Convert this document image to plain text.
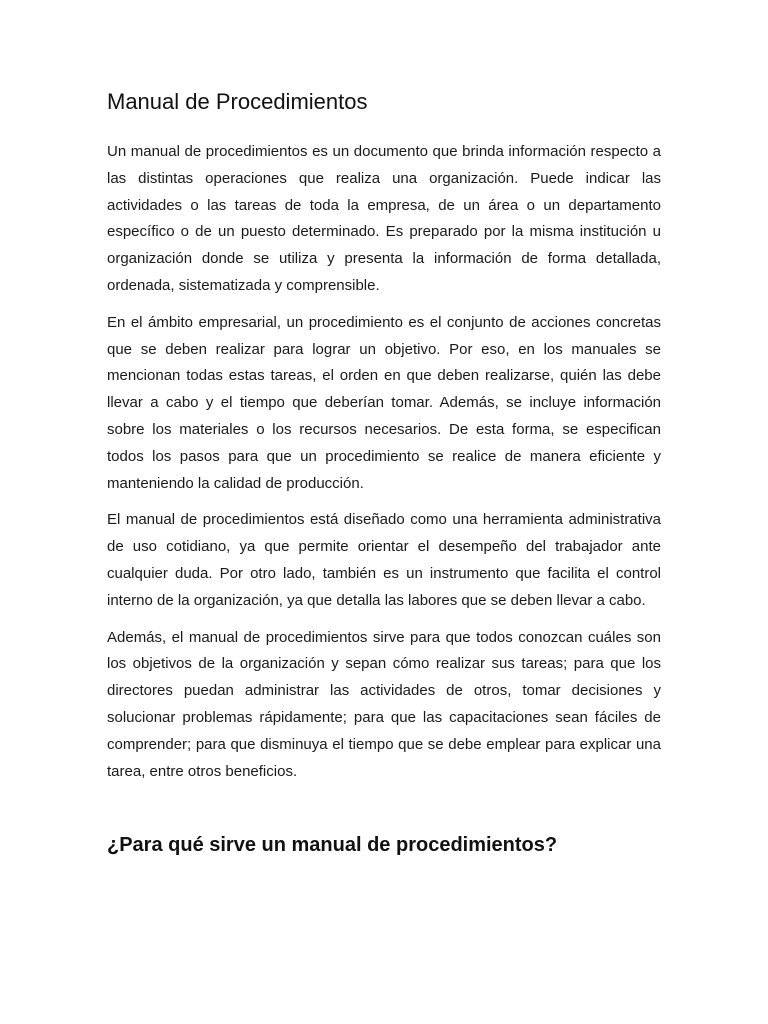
Manual de Procedimientos

Un manual de procedimientos es un documento que brinda información respecto a las distintas operaciones que realiza una organización. Puede indicar las actividades o las tareas de toda la empresa, de un área o un departamento específico o de un puesto determinado. Es preparado por la misma institución u organización donde se utiliza y presenta la información de forma detallada, ordenada, sistematizada y comprensible.

En el ámbito empresarial, un procedimiento es el conjunto de acciones concretas que se deben realizar para lograr un objetivo. Por eso, en los manuales se mencionan todas estas tareas, el orden en que deben realizarse, quién las debe llevar a cabo y el tiempo que deberían tomar. Además, se incluye información sobre los materiales o los recursos necesarios. De esta forma, se especifican todos los pasos para que un procedimiento se realice de manera eficiente y manteniendo la calidad de producción.

El manual de procedimientos está diseñado como una herramienta administrativa de uso cotidiano, ya que permite orientar el desempeño del trabajador ante cualquier duda. Por otro lado, también es un instrumento que facilita el control interno de la organización, ya que detalla las labores que se deben llevar a cabo.

Además, el manual de procedimientos sirve para que todos conozcan cuáles son los objetivos de la organización y sepan cómo realizar sus tareas; para que los directores puedan administrar las actividades de otros, tomar decisiones y solucionar problemas rápidamente; para que las capacitaciones sean fáciles de comprender; para que disminuya el tiempo que se debe emplear para explicar una tarea, entre otros beneficios.

¿Para qué sirve un manual de procedimientos?
